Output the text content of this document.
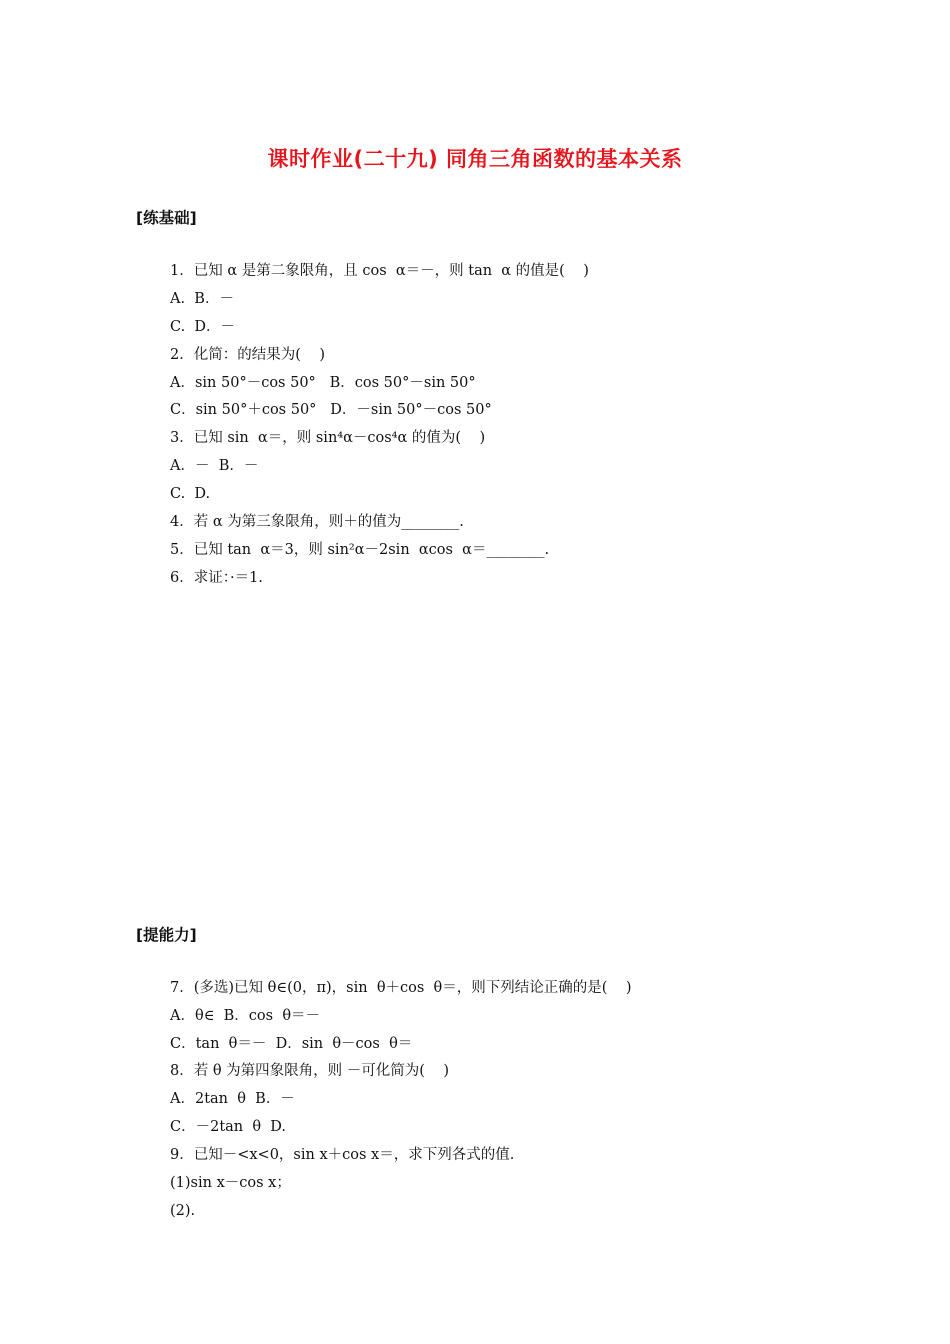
课时作业(二十九) 同角三角函数的基本关系
[练基础]
1．已知 α 是第二象限角，且 cos  α＝－，则 tan  α 的值是(    )
A.  B．－
C.  D．－
2．化简：的结果为(    )
A．sin 50°－cos 50°   B．cos 50°－sin 50°
C．sin 50°＋cos 50°   D．－sin 50°－cos 50°
3．已知 sin  α＝，则 sin⁴α－cos⁴α 的值为(    )
A．－  B．－
C.  D.
4．若 α 为第三象限角，则＋的值为________.
5．已知 tan  α＝3，则 sin²α－2sin  αcos  α＝________.
6．求证：·＝1.
[提能力]
7．(多选)已知 θ∈(0，π)，sin  θ＋cos  θ＝，则下列结论正确的是(    )
A．θ∈  B．cos  θ＝－
C．tan  θ＝－  D．sin  θ－cos  θ＝
8．若 θ 为第四象限角，则 －可化简为(    )
A．2tan  θ  B．－
C．－2tan  θ  D.
9．已知－<x<0，sin x＋cos x＝，求下列各式的值.
(1)sin x－cos x；
(2).
